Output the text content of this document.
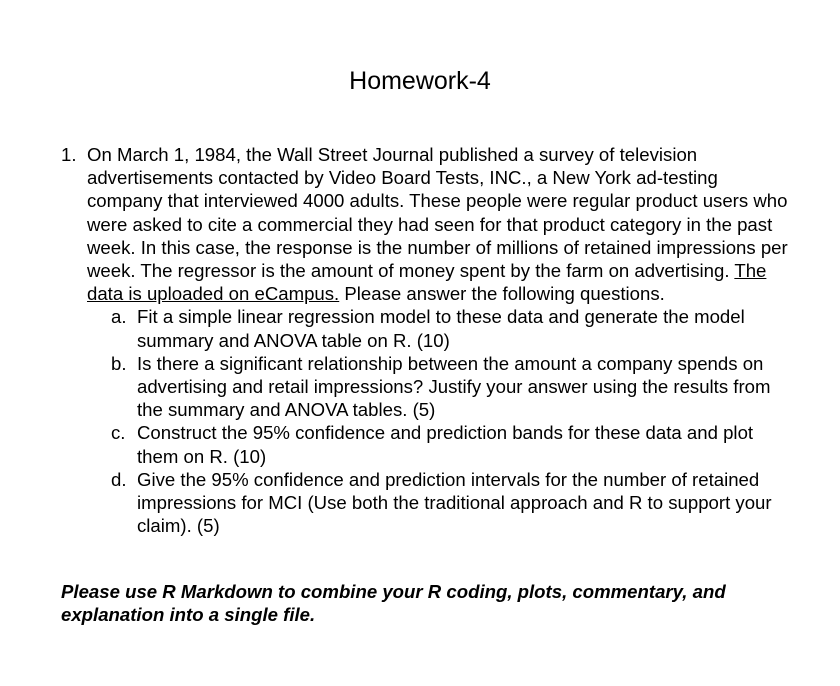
Homework-4
1. On March 1, 1984, the Wall Street Journal published a survey of television advertisements contacted by Video Board Tests, INC., a New York ad-testing company that interviewed 4000 adults. These people were regular product users who were asked to cite a commercial they had seen for that product category in the past week. In this case, the response is the number of millions of retained impressions per week. The regressor is the amount of money spent by the farm on advertising. The data is uploaded on eCampus. Please answer the following questions.
a. Fit a simple linear regression model to these data and generate the model summary and ANOVA table on R. (10)
b. Is there a significant relationship between the amount a company spends on advertising and retail impressions? Justify your answer using the results from the summary and ANOVA tables. (5)
c. Construct the 95% confidence and prediction bands for these data and plot them on R. (10)
d. Give the 95% confidence and prediction intervals for the number of retained impressions for MCI (Use both the traditional approach and R to support your claim). (5)
Please use R Markdown to combine your R coding, plots, commentary, and explanation into a single file.
